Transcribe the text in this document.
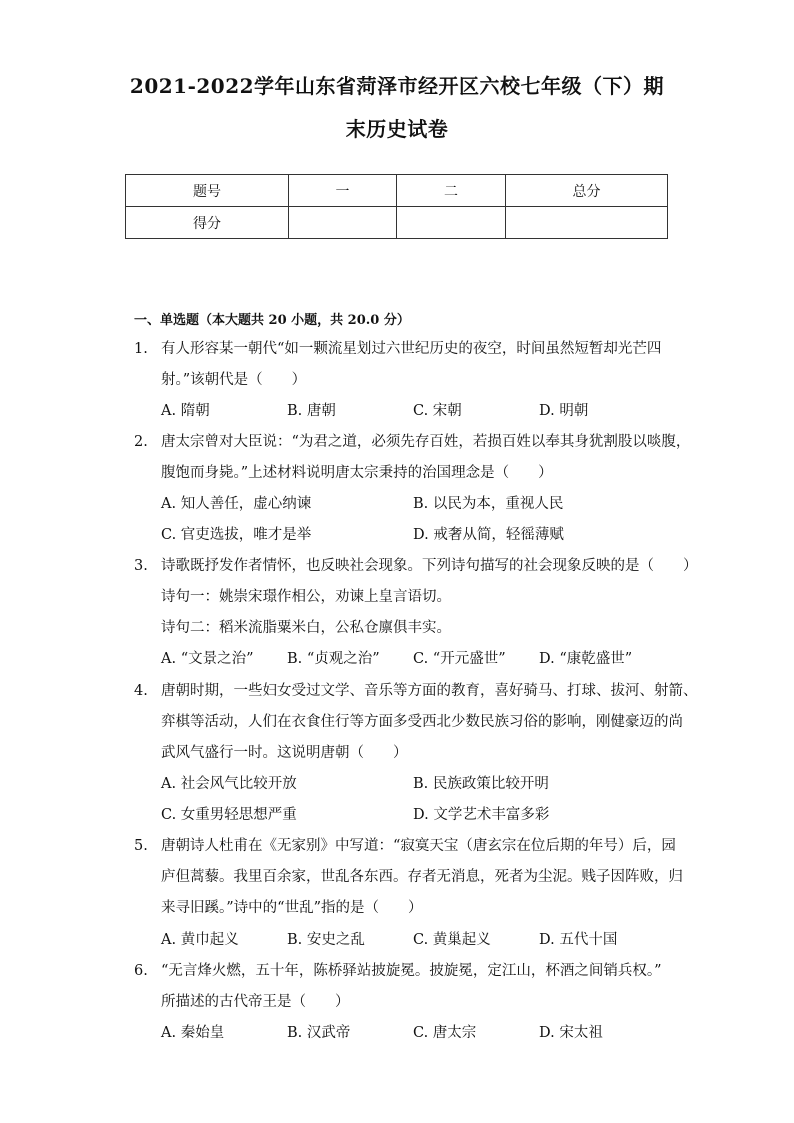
2021-2022学年山东省菏泽市经开区六校七年级（下）期
末历史试卷
题号	一	二	总分
得分			
一、单选题（本大题共 20 小题，共 20.0 分）
1. 有人形容某一朝代“如一颗流星划过六世纪历史的夜空，时间虽然短暂却光芒四
射。”该朝代是（　　）
A. 隋朝	B. 唐朝	C. 宋朝	D. 明朝
2. 唐太宗曾对大臣说：“为君之道，必须先存百姓，若损百姓以奉其身犹割股以啖腹，
腹饱而身毙。”上述材料说明唐太宗秉持的治国理念是（　　）
A. 知人善任，虚心纳谏	B. 以民为本，重视人民
C. 官吏选拔，唯才是举	D. 戒奢从简，轻徭薄赋
3. 诗歌既抒发作者情怀，也反映社会现象。下列诗句描写的社会现象反映的是（　　）
诗句一：姚崇宋璟作相公，劝谏上皇言语切。
诗句二：稻米流脂粟米白，公私仓廪俱丰实。
A. “文景之治” B. “贞观之治” C. “开元盛世” D. “康乾盛世”
4. 唐朝时期，一些妇女受过文学、音乐等方面的教育，喜好骑马、打球、拔河、射箭、
弈棋等活动，人们在衣食住行等方面多受西北少数民族习俗的影响，刚健豪迈的尚
武风气盛行一时。这说明唐朝（　　）
A. 社会风气比较开放	B. 民族政策比较开明
C. 女重男轻思想严重	D. 文学艺术丰富多彩
5. 唐朝诗人杜甫在《无家别》中写道：“寂寞天宝（唐玄宗在位后期的年号）后，园
庐但蒿藜。我里百余家，世乱各东西。存者无消息，死者为尘泥。贱子因阵败，归
来寻旧蹊。”诗中的“世乱”指的是（　　）
A. 黄巾起义	B. 安史之乱	C. 黄巢起义	D. 五代十国
6. “无言烽火燃，五十年，陈桥驿站披旋冕。披旋冕，定江山，杯酒之间销兵权。”
所描述的古代帝王是（　　）
A. 秦始皇	B. 汉武帝	C. 唐太宗	D. 宋太祖
